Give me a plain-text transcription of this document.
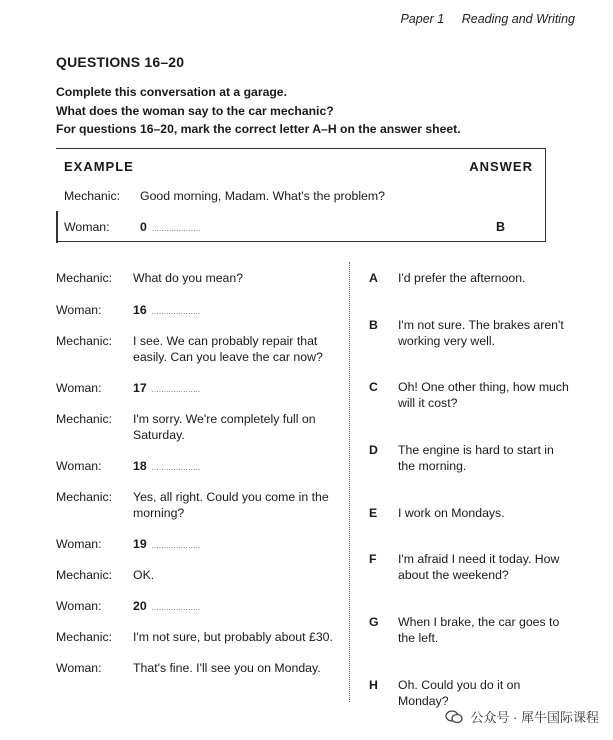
Paper 1 Reading and Writing
QUESTIONS 16–20
Complete this conversation at a garage.
What does the woman say to the car mechanic?
For questions 16–20, mark the correct letter A–H on the answer sheet.
EXAMPLE	ANSWER
Mechanic: Good morning, Madam. What's the problem?
Woman: 0 ....................	B
Mechanic: What do you mean?
Woman:	16 ....................
Mechanic: I see. We can probably repair that easily. Can you leave the car now?
Woman:	17 ....................
Mechanic: I'm sorry. We're completely full on Saturday.
Woman:	18 ....................
Mechanic: Yes, all right. Could you come in the morning?
Woman:	19 ....................
Mechanic: OK.
Woman:	20 ....................
Mechanic: I'm not sure, but probably about £30.
Woman:	That's fine. I'll see you on Monday.
A I'd prefer the afternoon.
B I'm not sure. The brakes aren't working very well.
C Oh! One other thing, how much will it cost?
D The engine is hard to start in the morning.
E I work on Mondays.
F I'm afraid I need it today. How about the weekend?
G When I brake, the car goes to the left.
H Oh. Could you do it on Monday?
公众号 · 犀牛国际课程
